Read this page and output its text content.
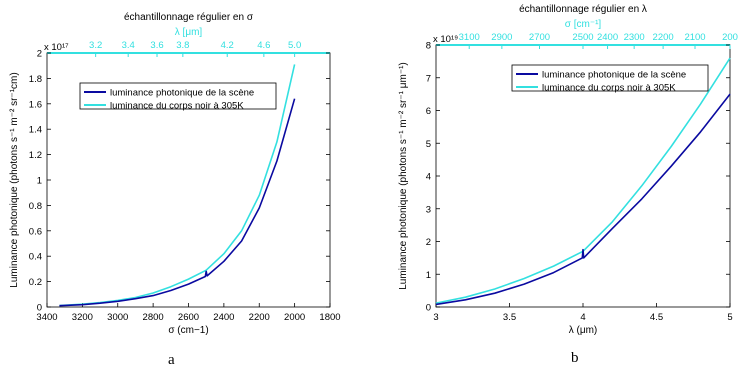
3400 3200 3000 2800 2600 2400 2200 2000 1800
0
0.2
0.4
0.6
0.8
1
1.2
1.4
1.6
1.8
2
3.2 3.4 3.6 3.8	4.2 4.6 5.0
λ [μm]
échantillonnage régulier en σ
x 10¹⁷
σ (cm−1)
Luminance photonique (photons s⁻¹ m⁻² sr⁻¹cm)	luminance photonique de la scène
luminance du corps noir à 305K
3	3.5	4	4.5	5
0
1
2
3
4
5
6
7
8
3100 2900 2700 2500 2400 2300 2200 2100 200
σ [cm⁻¹]
échantillonnage régulier en λ
x 10¹⁹
λ (μm)
Luminance photonique (photons s⁻¹ m⁻² sr⁻¹ μm⁻¹)	luminance photonique de la scène
luminance du corps noir à 305K
a	b
